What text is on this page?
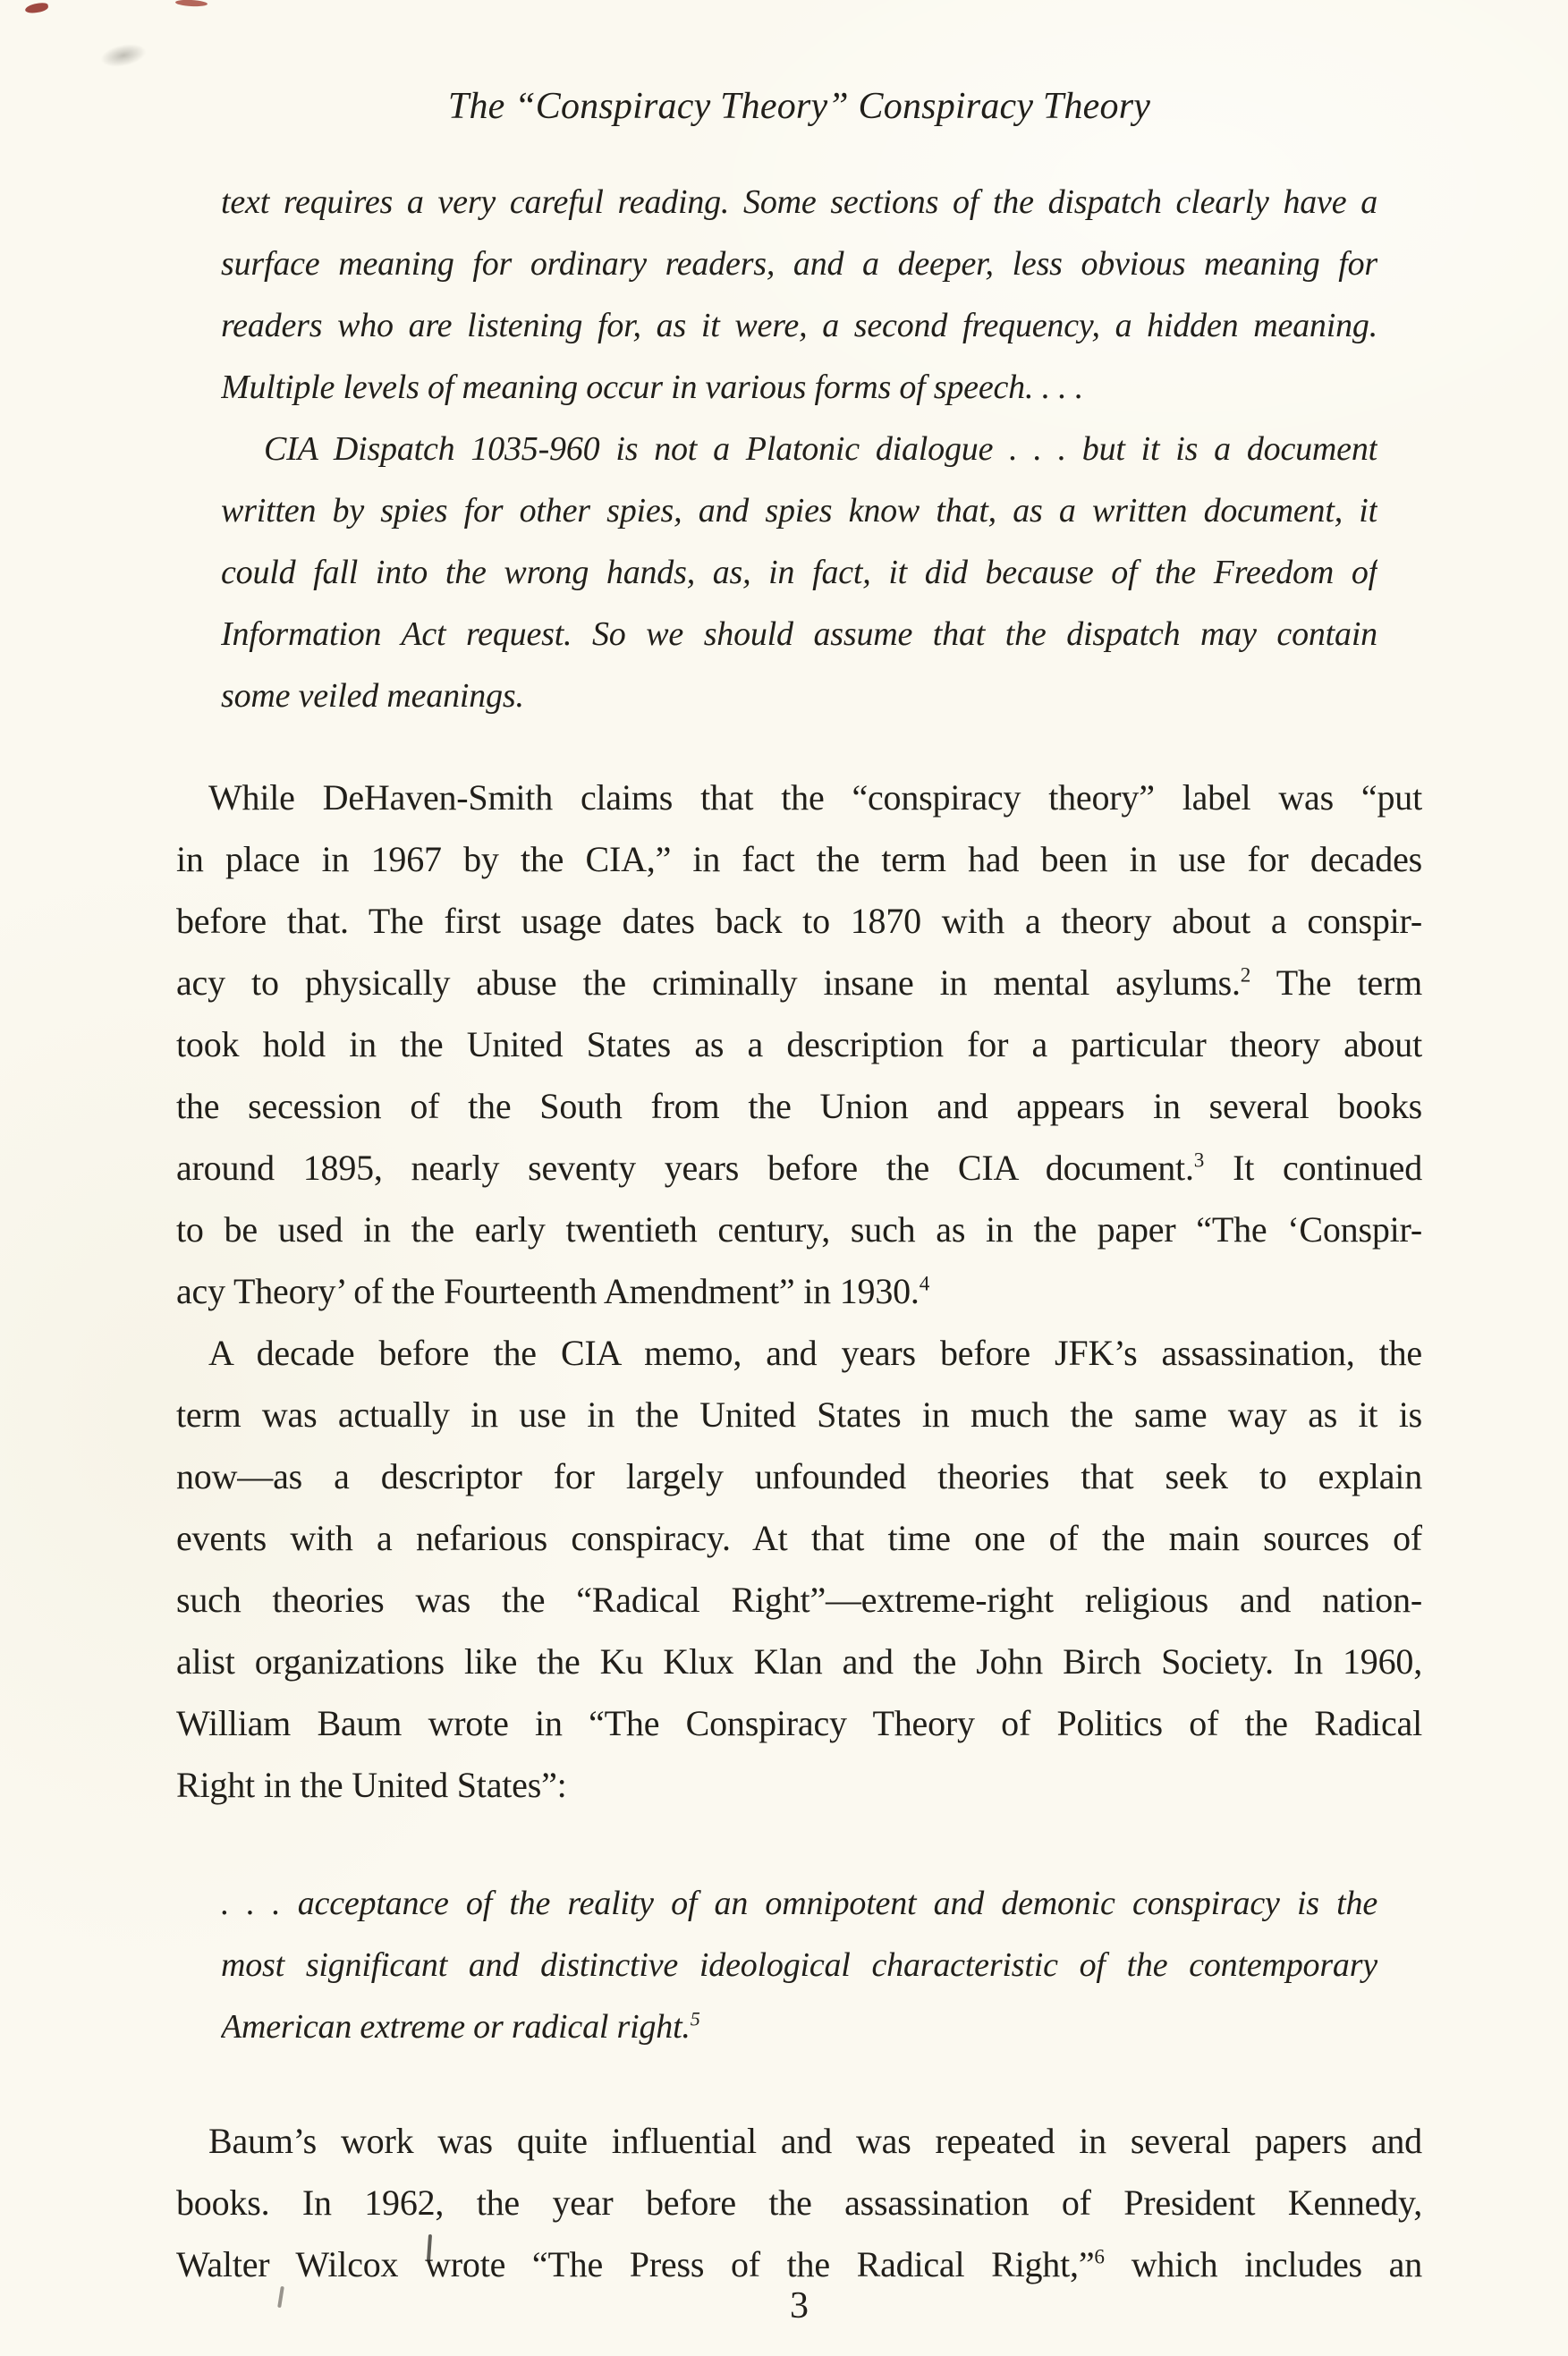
The “Conspiracy Theory” Conspiracy Theory
text requires a very careful reading. Some sections of the dispatch clearly have a
surface meaning for ordinary readers, and a deeper, less obvious meaning for
readers who are listening for, as it were, a second frequency, a hidden meaning.
Multiple levels of meaning occur in various forms of speech. . . .
CIA Dispatch 1035-960 is not a Platonic dialogue . . . but it is a document
written by spies for other spies, and spies know that, as a written document, it
could fall into the wrong hands, as, in fact, it did because of the Freedom of
Information Act request. So we should assume that the dispatch may contain
some veiled meanings.
While DeHaven-Smith claims that the “conspiracy theory” label was “put
in place in 1967 by the CIA,” in fact the term had been in use for decades
before that. The first usage dates back to 1870 with a theory about a conspir-
acy to physically abuse the criminally insane in mental asylums.$^2$ The term
took hold in the United States as a description for a particular theory about
the secession of the South from the Union and appears in several books
around 1895, nearly seventy years before the CIA document.$^3$ It continued
to be used in the early twentieth century, such as in the paper “The ‘Conspir-
acy Theory’ of the Fourteenth Amendment” in 1930.$^4$
A decade before the CIA memo, and years before JFK’s assassination, the
term was actually in use in the United States in much the same way as it is
now—as a descriptor for largely unfounded theories that seek to explain
events with a nefarious conspiracy. At that time one of the main sources of
such theories was the “Radical Right”—extreme-right religious and nation-
alist organizations like the Ku Klux Klan and the John Birch Society. In 1960,
William Baum wrote in “The Conspiracy Theory of Politics of the Radical
Right in the United States”:
. . . acceptance of the reality of an omnipotent and demonic conspiracy is the
most significant and distinctive ideological characteristic of the contemporary
American extreme or radical right.$^5$
Baum’s work was quite influential and was repeated in several papers and
books. In 1962, the year before the assassination of President Kennedy,
Walter Wilcox wrote “The Press of the Radical Right,”$^6$ which includes an
3
